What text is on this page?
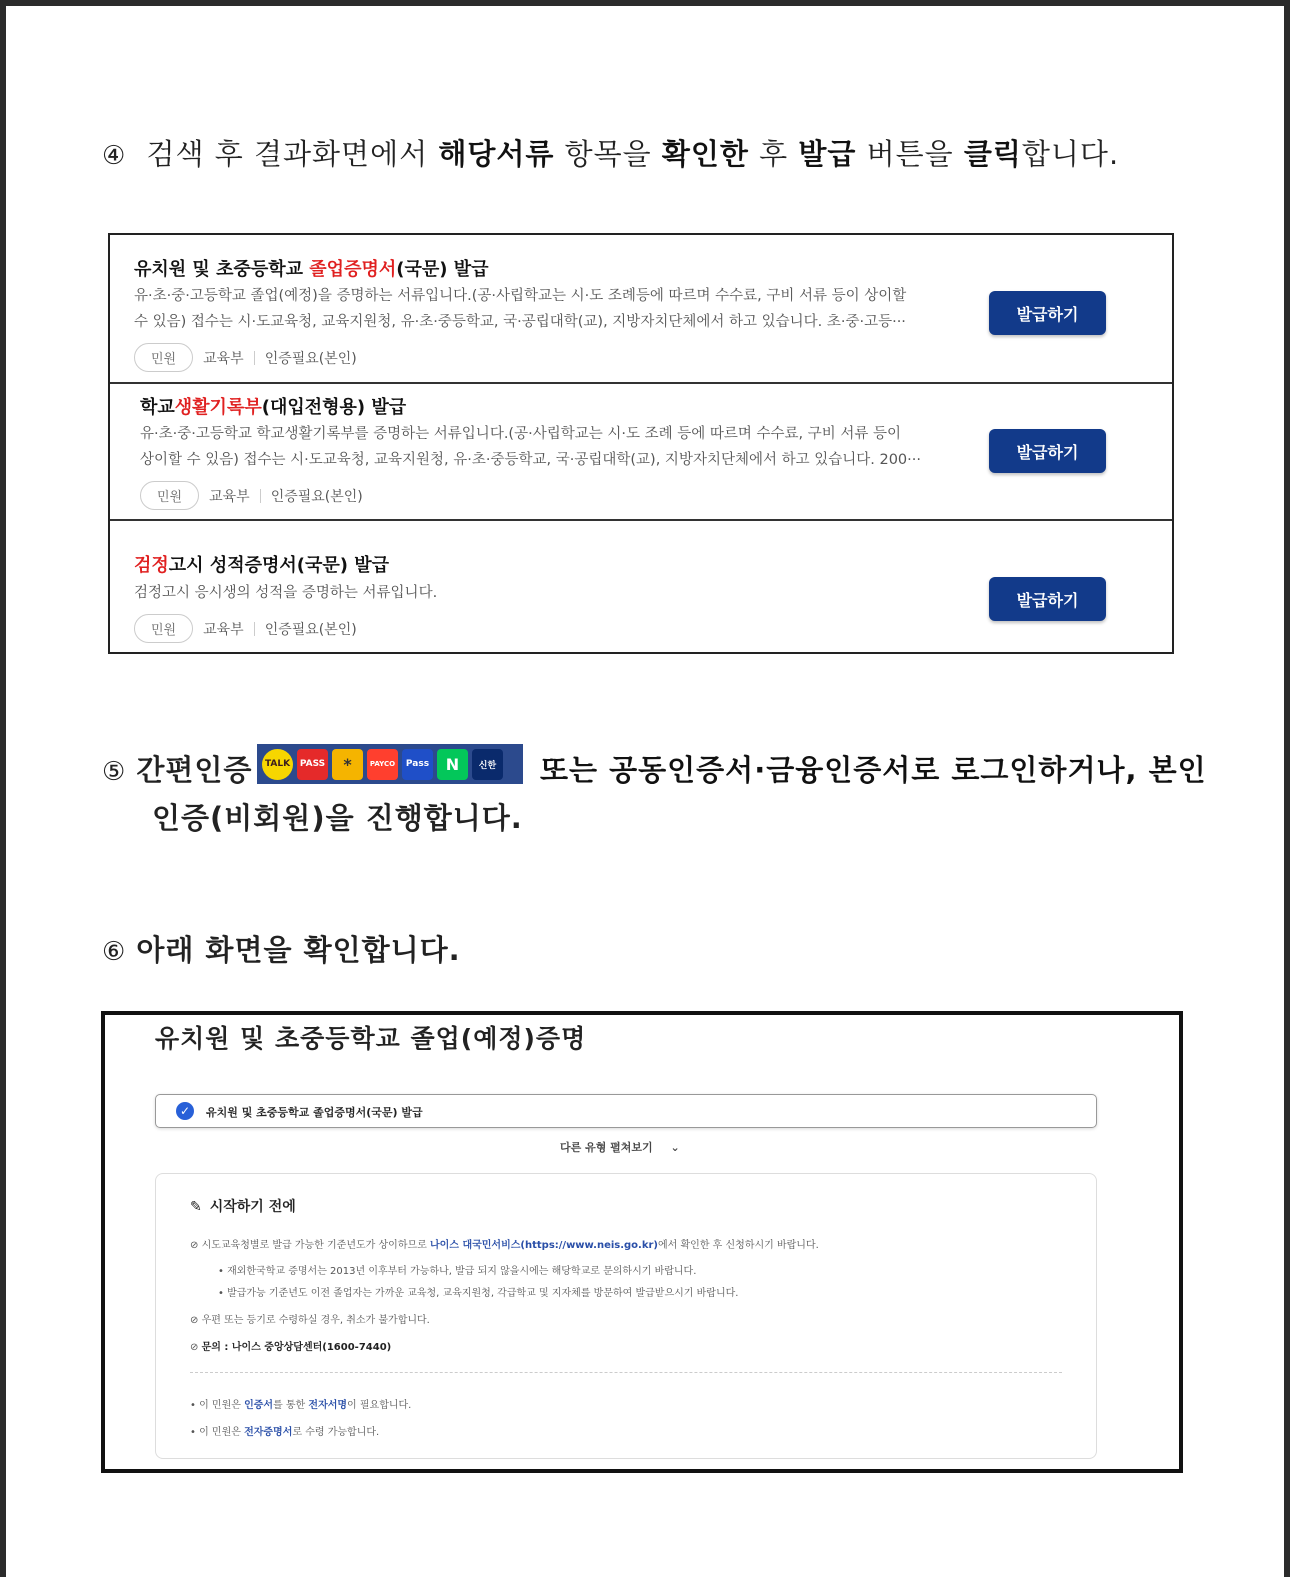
④ 검색 후 결과화면에서 해당서류 항목을 확인한 후 발급 버튼을 클릭합니다.
유치원 및 초중등학교 졸업증명서(국문) 발급
유·초·중·고등학교 졸업(예정)을 증명하는 서류입니다.(공·사립학교는 시·도 조례등에 따르며 수수료, 구비 서류 등이 상이할
수 있음) 접수는 시·도교육청, 교육지원청, 유·초·중등학교, 국·공립대학(교), 지방자치단체에서 하고 있습니다. 초·중·고등···
민원	교육부 인증필요(본인)
발급하기
학교생활기록부(대입전형용) 발급
유·초·중·고등학교 학교생활기록부를 증명하는 서류입니다.(공·사립학교는 시·도 조례 등에 따르며 수수료, 구비 서류 등이
상이할 수 있음) 접수는 시·도교육청, 교육지원청, 유·초·중등학교, 국·공립대학(교), 지방자치단체에서 하고 있습니다. 200···
민원	교육부 인증필요(본인)
발급하기
검정고시 성적증명서(국문) 발급
검정고시 응시생의 성적을 증명하는 서류입니다.
민원	교육부 인증필요(본인)
발급하기
⑤ 간편인증	TALK	PASS	*	PAYCO	Pass	N	신한 또는 공동인증서·금융인증서로 로그인하거나, 본인
인증(비회원)을 진행합니다.
⑥ 아래 화면을 확인합니다.
유치원 및 초중등학교 졸업(예정)증명
✓	유치원 및 초중등학교 졸업증명서(국문) 발급
다른 유형 펼쳐보기 ⌄
✎ 시작하기 전에
⊘ 시도교육청별로 발급 가능한 기준년도가 상이하므로 나이스 대국민서비스(https://www.neis.go.kr)에서 확인한 후 신청하시기 바랍니다.
• 재외한국학교 증명서는 2013년 이후부터 가능하나, 발급 되지 않을시에는 해당학교로 문의하시기 바랍니다.
• 발급가능 기준년도 이전 졸업자는 가까운 교육청, 교육지원청, 각급학교 및 지자체를 방문하여 발급받으시기 바랍니다.
⊘ 우편 또는 등기로 수령하실 경우, 취소가 불가합니다.
⊘ 문의 : 나이스 중앙상담센터(1600-7440)
• 이 민원은 인증서를 통한 전자서명이 필요합니다.
• 이 민원은 전자증명서로 수령 가능합니다.
